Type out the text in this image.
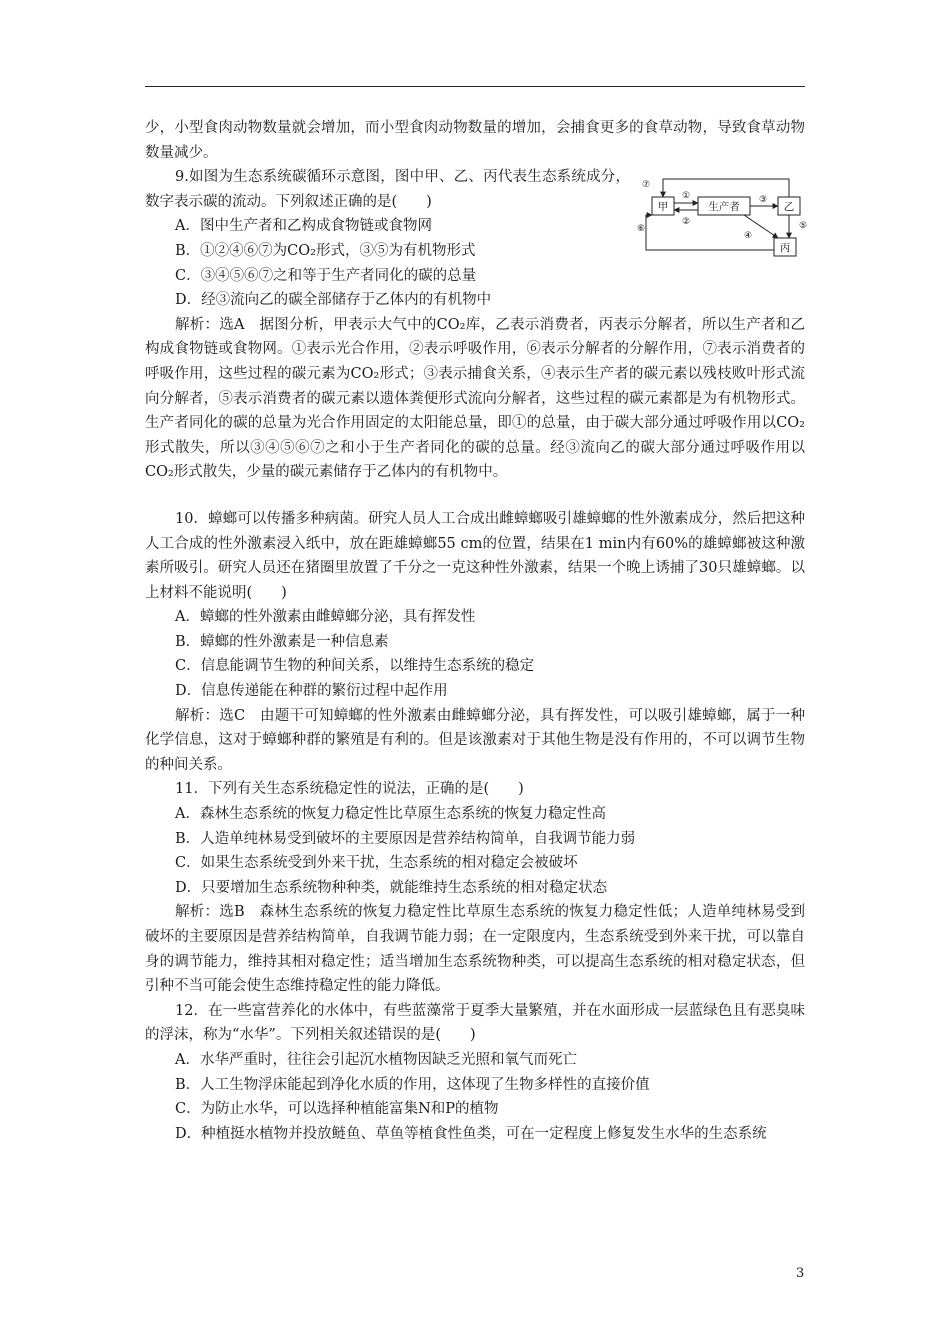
甲	生产者	乙
丙
①
②
③
④
⑤
⑥
⑦

少，小型食肉动物数量就会增加，而小型食肉动物数量的增加，会捕食更多的食草动物，导致食草动物数量减少。

9.如图为生态系统碳循环示意图，图中甲、乙、丙代表生态系统成分，数字表示碳的流动。下列叙述正确的是(　　)

A．图中生产者和乙构成食物链或食物网

B．①②④⑥⑦为CO₂形式，③⑤为有机物形式

C．③④⑤⑥⑦之和等于生产者同化的碳的总量

D．经③流向乙的碳全部储存于乙体内的有机物中

解析：选A　据图分析，甲表示大气中的CO₂库，乙表示消费者，丙表示分解者，所以生产者和乙构成食物链或食物网。①表示光合作用，②表示呼吸作用，⑥表示分解者的分解作用，⑦表示消费者的呼吸作用，这些过程的碳元素为CO₂形式；③表示捕食关系，④表示生产者的碳元素以残枝败叶形式流向分解者，⑤表示消费者的碳元素以遗体粪便形式流向分解者，这些过程的碳元素都是为有机物形式。生产者同化的碳的总量为光合作用固定的太阳能总量，即①的总量，由于碳大部分通过呼吸作用以CO₂形式散失，所以③④⑤⑥⑦之和小于生产者同化的碳的总量。经③流向乙的碳大部分通过呼吸作用以CO₂形式散失，少量的碳元素储存于乙体内的有机物中。

10．蟑螂可以传播多种病菌。研究人员人工合成出雌蟑螂吸引雄蟑螂的性外激素成分，然后把这种人工合成的性外激素浸入纸中，放在距雄蟑螂55 cm的位置，结果在1 min内有60%的雄蟑螂被这种激素所吸引。研究人员还在猪圈里放置了千分之一克这种性外激素，结果一个晚上诱捕了30只雄蟑螂。以上材料不能说明(　　)

A．蟑螂的性外激素由雌蟑螂分泌，具有挥发性

B．蟑螂的性外激素是一种信息素

C．信息能调节生物的种间关系，以维持生态系统的稳定

D．信息传递能在种群的繁衍过程中起作用

解析：选C　由题干可知蟑螂的性外激素由雌蟑螂分泌，具有挥发性，可以吸引雄蟑螂，属于一种化学信息，这对于蟑螂种群的繁殖是有利的。但是该激素对于其他生物是没有作用的，不可以调节生物的种间关系。

11．下列有关生态系统稳定性的说法，正确的是(　　)

A．森林生态系统的恢复力稳定性比草原生态系统的恢复力稳定性高

B．人造单纯林易受到破坏的主要原因是营养结构简单，自我调节能力弱

C．如果生态系统受到外来干扰，生态系统的相对稳定会被破坏

D．只要增加生态系统物种种类，就能维持生态系统的相对稳定状态

解析：选B　森林生态系统的恢复力稳定性比草原生态系统的恢复力稳定性低；人造单纯林易受到破坏的主要原因是营养结构简单，自我调节能力弱；在一定限度内，生态系统受到外来干扰，可以靠自身的调节能力，维持其相对稳定性；适当增加生态系统物种类，可以提高生态系统的相对稳定状态，但引种不当可能会使生态维持稳定性的能力降低。

12．在一些富营养化的水体中，有些蓝藻常于夏季大量繁殖，并在水面形成一层蓝绿色且有恶臭味的浮沫，称为“水华”。下列相关叙述错误的是(　　)

A．水华严重时，往往会引起沉水植物因缺乏光照和氧气而死亡

B．人工生物浮床能起到净化水质的作用，这体现了生物多样性的直接价值

C．为防止水华，可以选择种植能富集N和P的植物

D．种植挺水植物并投放鲢鱼、草鱼等植食性鱼类，可在一定程度上修复发生水华的生态系统

3
